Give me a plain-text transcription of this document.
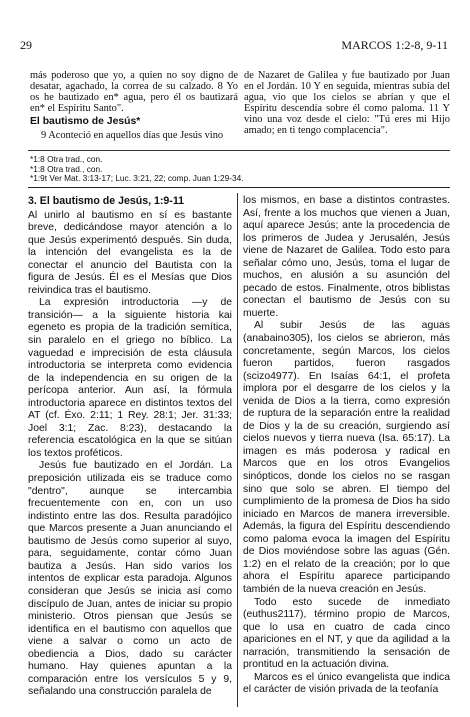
29	MARCOS 1:2-8, 9-11

más poderoso que yo, a quien no soy digno de desatar, agachado, la correa de su calzado. 8 Yo os he bautizado en* agua, pero él os bautizará en* el Espíritu Santo".

El bautismo de Jesús*

9 Aconteció en aquellos días que Jesús vino

de Nazaret de Galilea y fue bautizado por Juan en el Jordán. 10 Y en seguida, mientras subía del agua, vio que los cielos se abrían y que el Espíritu descendía sobre él como paloma. 11 Y vino una voz desde el cielo: "Tú eres mi Hijo amado; en ti tengo complacencia".

*1:8 Otra trad., con.

*1:8 Otra trad., con.

*1:9t Ver Mat. 3:13-17; Luc. 3:21, 22; comp. Juan 1:29-34.

3. El bautismo de Jesús, 1:9-11

Al unirlo al bautismo en sí es bastante breve, dedicándose mayor atención a lo que Jesús experimentó después. Sin duda, la intención del evangelista es la de conectar el anuncio del Bautista con la figura de Jesús. Él es el Mesías que Dios reivindica tras el bautismo.

La expresión introductoria —y de transición— a la siguiente historia kai egeneto es propia de la tradición semítica, sin paralelo en el griego no bíblico. La vaguedad e imprecisión de esta cláusula introductoria se interpreta como evidencia de la independencia en su origen de la perícopa anterior. Aun así, la fórmula introductoria aparece en distintos textos del AT (cf. Éxo. 2:11; 1 Rey. 28:1; Jer. 31:33; Joel 3:1; Zac. 8:23), destacando la referencia escatológica en la que se sitúan los textos proféticos.

Jesús fue bautizado en el Jordán. La preposición utilizada eis se traduce como "dentro", aunque se intercambia frecuentemente con en, con un uso indistinto entre las dos. Resulta paradójico que Marcos presente a Juan anunciando el bautismo de Jesús como superior al suyo, para, seguidamente, contar cómo Juan bautiza a Jesús. Han sido varios los intentos de explicar esta paradoja. Algunos consideran que Jesús se inicia así como discípulo de Juan, antes de iniciar su propio ministerio. Otros piensan que Jesús se identifica en el bautismo con aquellos que viene a salvar o como un acto de obediencia a Dios, dado su carácter humano. Hay quienes apuntan a la comparación entre los versículos 5 y 9, señalando una construcción paralela de

los mismos, en base a distintos contrastes. Así, frente a los muchos que vienen a Juan, aquí aparece Jesús; ante la procedencia de los primeros de Judea y Jerusalén, Jesús viene de Nazaret de Galilea. Todo esto para señalar cómo uno, Jesús, toma el lugar de muchos, en alusión a su asunción del pecado de estos. Finalmente, otros biblistas conectan el bautismo de Jesús con su muerte.

Al subir Jesús de las aguas (anabaino305), los cielos se abrieron, más concretamente, según Marcos, los cielos fueron partidos, fueron rasgados (scizo4977). En Isaías 64:1, el profeta implora por el desgarre de los cielos y la venida de Dios a la tierra, como expresión de ruptura de la separación entre la realidad de Dios y la de su creación, surgiendo así cielos nuevos y tierra nueva (Isa. 65:17). La imagen es más poderosa y radical en Marcos que en los otros Evangelios sinópticos, donde los cielos no se rasgan sino que solo se abren. El tiempo del cumplimiento de la promesa de Dios ha sido iniciado en Marcos de manera irreversible. Además, la figura del Espíritu descendiendo como paloma evoca la imagen del Espíritu de Dios moviéndose sobre las aguas (Gén. 1:2) en el relato de la creación; por lo que ahora el Espíritu aparece participando también de la nueva creación en Jesús.

Todo esto sucede de inmediato (euthus2117), término propio de Marcos, que lo usa en cuatro de cada cinco apariciones en el NT, y que da agilidad a la narración, transmitiendo la sensación de prontitud en la actuación divina.

Marcos es el único evangelista que indica el carácter de visión privada de la teofanía
